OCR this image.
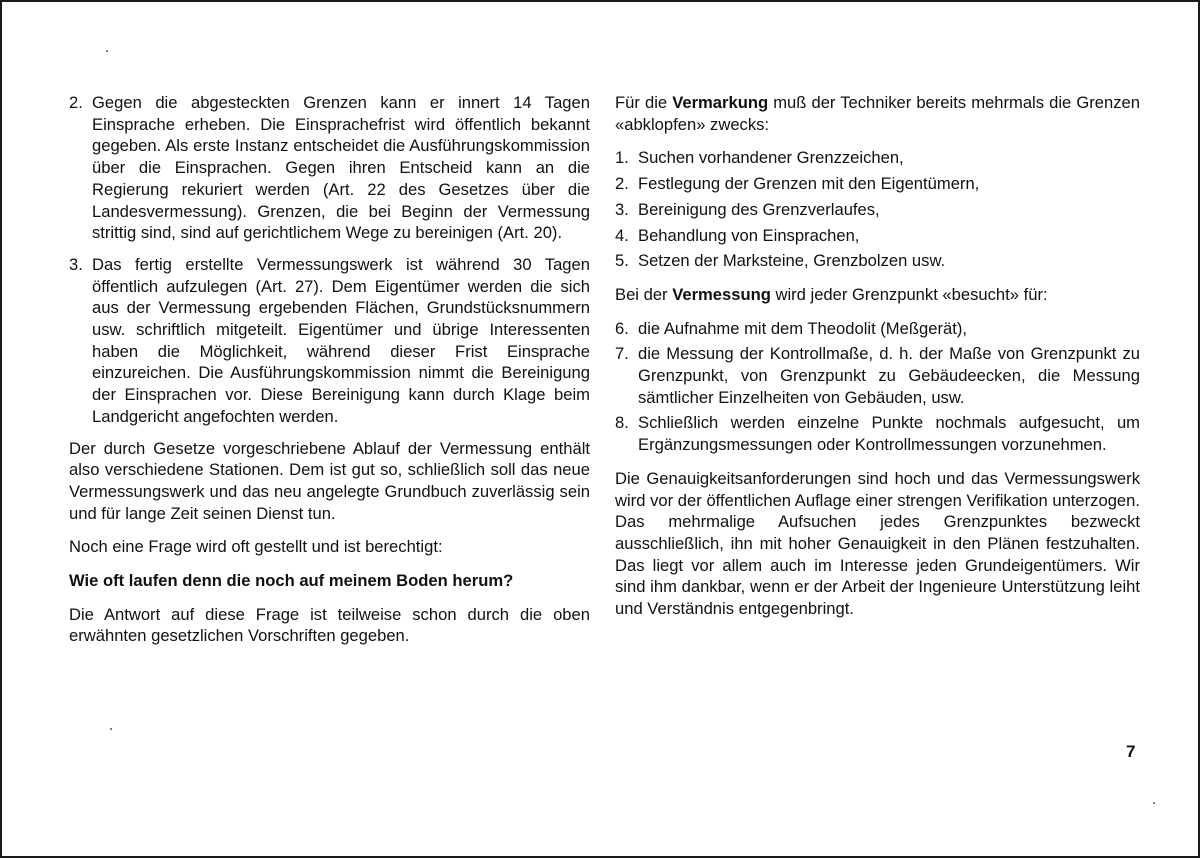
2. Gegen die abgesteckten Grenzen kann er innert 14 Tagen Einsprache erheben. Die Einsprachefrist wird öffentlich bekannt gegeben. Als erste Instanz entscheidet die Ausführungskommission über die Einsprachen. Gegen ihren Entscheid kann an die Regierung rekuriert werden (Art. 22 des Gesetzes über die Landesvermessung). Grenzen, die bei Beginn der Vermessung strittig sind, sind auf gerichtlichem Wege zu bereinigen (Art. 20).

3. Das fertig erstellte Vermessungswerk ist während 30 Tagen öffentlich aufzulegen (Art. 27). Dem Eigentümer werden die sich aus der Vermessung ergebenden Flächen, Grundstücksnummern usw. schriftlich mitgeteilt. Eigentümer und übrige Interessenten haben die Möglichkeit, während dieser Frist Einsprache einzureichen. Die Ausführungskommission nimmt die Bereinigung der Einsprachen vor. Diese Bereinigung kann durch Klage beim Landgericht angefochten werden.

Der durch Gesetze vorgeschriebene Ablauf der Vermessung enthält also verschiedene Stationen. Dem ist gut so, schließlich soll das neue Vermessungswerk und das neu angelegte Grundbuch zuverlässig sein und für lange Zeit seinen Dienst tun.

Noch eine Frage wird oft gestellt und ist berechtigt:

Wie oft laufen denn die noch auf meinem Boden herum?

Die Antwort auf diese Frage ist teilweise schon durch die oben erwähnten gesetzlichen Vorschriften gegeben.

Für die Vermarkung muß der Techniker bereits mehrmals die Grenzen «abklopfen» zwecks:

1. Suchen vorhandener Grenzzeichen,

2. Festlegung der Grenzen mit den Eigentümern,

3. Bereinigung des Grenzverlaufes,

4. Behandlung von Einsprachen,

5. Setzen der Marksteine, Grenzbolzen usw.

Bei der Vermessung wird jeder Grenzpunkt «besucht» für:

6. die Aufnahme mit dem Theodolit (Meßgerät),

7. die Messung der Kontrollmaße, d. h. der Maße von Grenzpunkt zu Grenzpunkt, von Grenzpunkt zu Gebäudeecken, die Messung sämtlicher Einzelheiten von Gebäuden, usw.

8. Schließlich werden einzelne Punkte nochmals aufgesucht, um Ergänzungsmessungen oder Kontrollmessungen vorzunehmen.

Die Genauigkeitsanforderungen sind hoch und das Vermessungswerk wird vor der öffentlichen Auflage einer strengen Verifikation unterzogen. Das mehrmalige Aufsuchen jedes Grenzpunktes bezweckt ausschließlich, ihn mit hoher Genauigkeit in den Plänen festzuhalten. Das liegt vor allem auch im Interesse jeden Grundeigentümers. Wir sind ihm dankbar, wenn er der Arbeit der Ingenieure Unterstützung leiht und Verständnis entgegenbringt.

7
